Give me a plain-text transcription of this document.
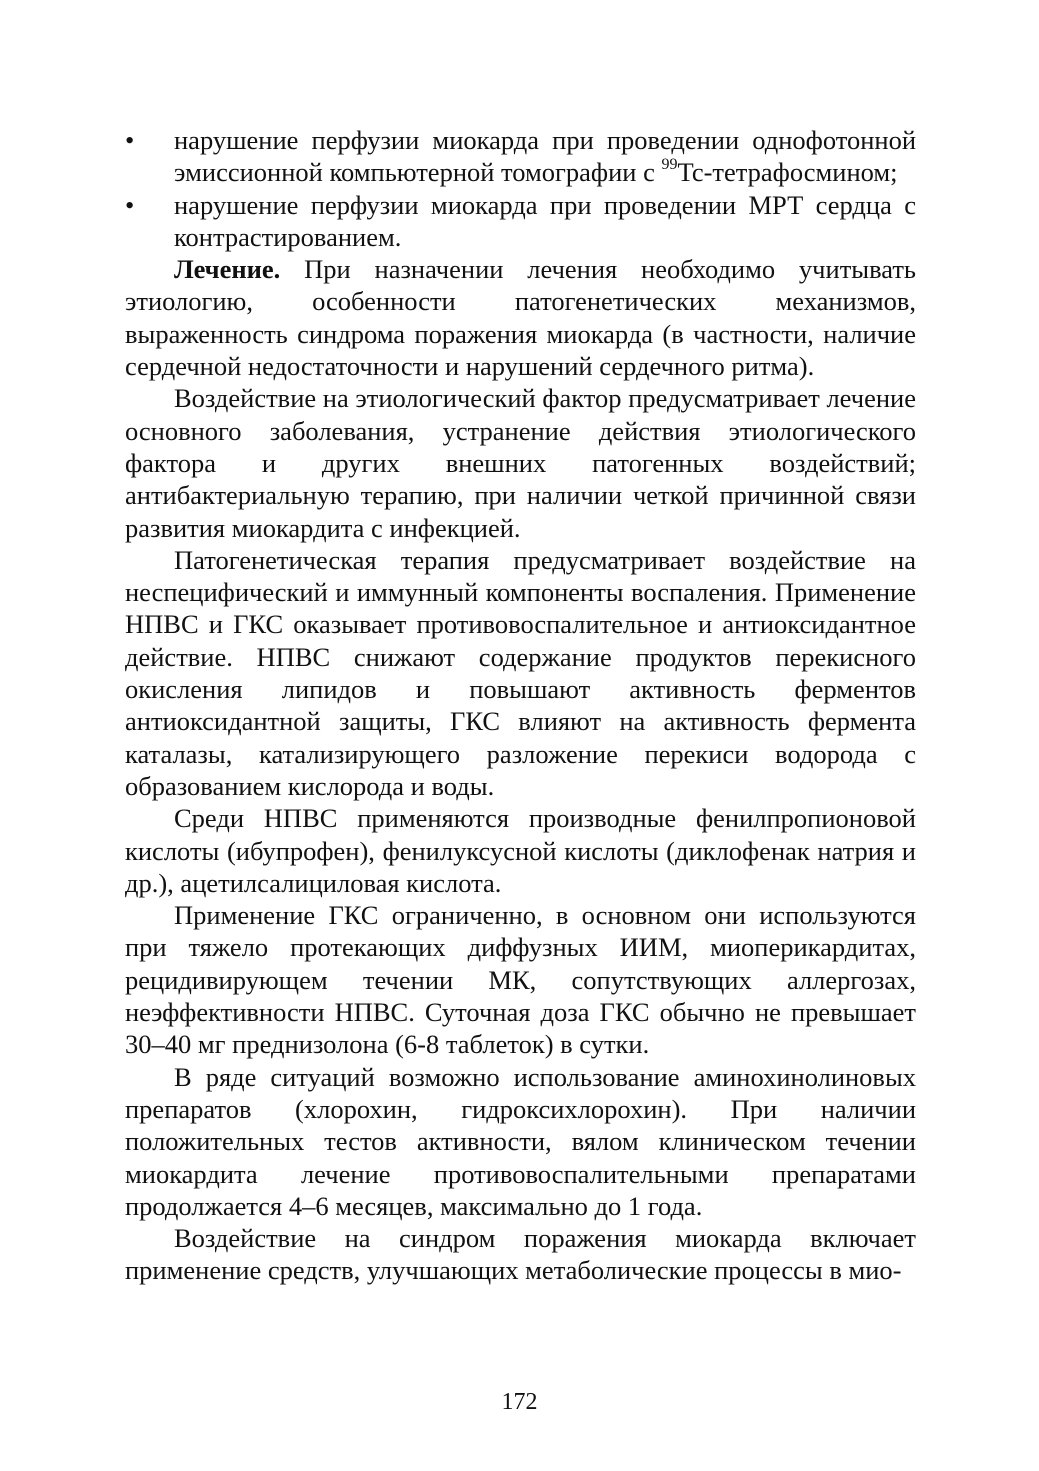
• нарушение перфузии миокарда при проведении однофотонной эмиссионной компьютерной томографии с $^{99}$Tc-тетрафосмином;
• нарушение перфузии миокарда при проведении МРТ сердца с контрастированием.

Лечение. При назначении лечения необходимо учитывать этиологию, особенности патогенетических механизмов, выраженность синдрома поражения миокарда (в частности, наличие сердечной недостаточности и нарушений сердечного ритма).

Воздействие на этиологический фактор предусматривает лечение основного заболевания, устранение действия этиологического фактора и других внешних патогенных воздействий; антибактериальную терапию, при наличии четкой причинной связи развития миокардита с инфекцией.

Патогенетическая терапия предусматривает воздействие на неспецифический и иммунный компоненты воспаления. Применение НПВС и ГКС оказывает противовоспалительное и антиоксидантное действие. НПВС снижают содержание продуктов перекисного окисления липидов и повышают активность ферментов антиоксидантной защиты, ГКС влияют на активность фермента каталазы, катализирующего разложение перекиси водорода с образованием кислорода и воды.

Среди НПВС применяются производные фенилпропионовой кислоты (ибупрофен), фенилуксусной кислоты (диклофенак натрия и др.), ацетилсалициловая кислота.

Применение ГКС ограниченно, в основном они используются при тяжело протекающих диффузных ИИМ, миоперикардитах, рецидивирующем течении МК, сопутствующих аллергозах, неэффективности НПВС. Суточная доза ГКС обычно не превышает 30–40 мг преднизолона (6-8 таблеток) в сутки.

В ряде ситуаций возможно использование аминохинолиновых препаратов (хлорохин, гидроксихлорохин). При наличии положительных тестов активности, вялом клиническом течении миокардита лечение противовоспалительными препаратами продолжается 4–6 месяцев, максимально до 1 года.

Воздействие на синдром поражения миокарда включает применение средств, улучшающих метаболические процессы в мио-

172
